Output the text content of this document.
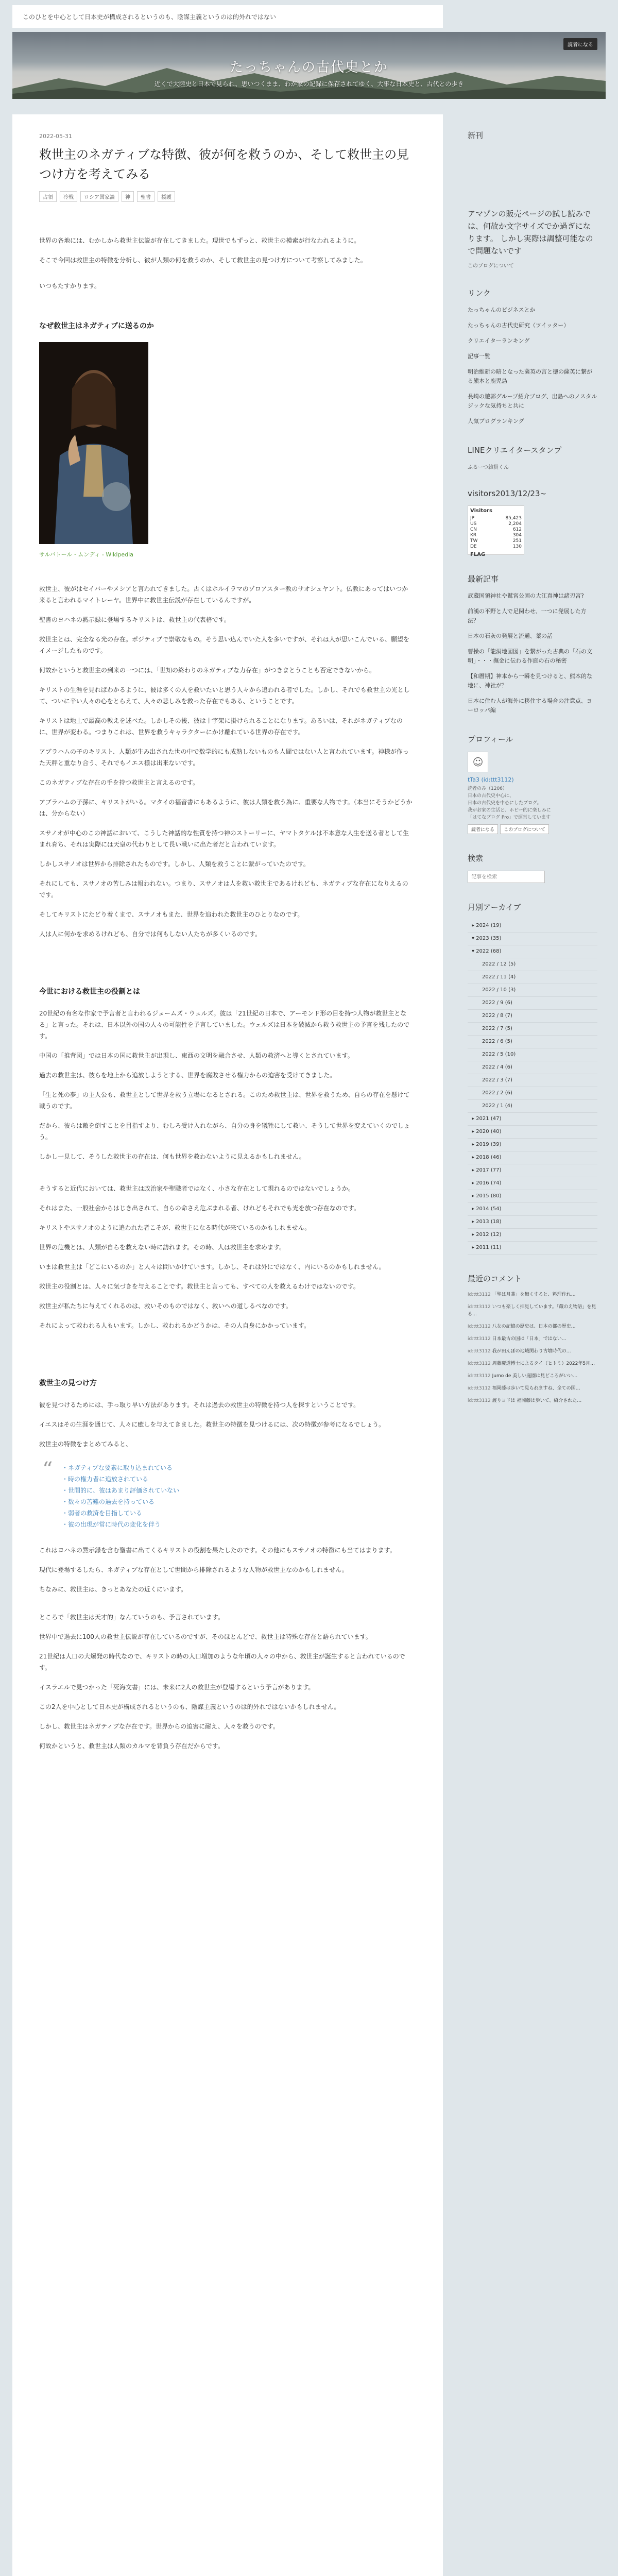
このひとを中心として日本史が構成されるというのも、陰謀主義というのは的外れではない
読者になる
たっちゃんの古代史とか
近くで大陸史と日本で見られ、思いつくまま、わが家の記録に保存されてゆく、大事な日本史と、古代との歩き
2022-05-31
救世主のネガティブな特徴、彼が何を救うのか、そして救世主の見つけ方を考えてみる
占領	冷戦	ロシア国家論	神	聖書	援護

世界の各地には、むかしから救世主伝説が存在してきました。現世でもずっと、救世主の模索が行なわれるように。

そこで今回は救世主の特徴を分析し、彼が人類の何を救うのか、そして救世主の見つけ方について考察してみました。

いつもたすかります。

なぜ救世主はネガティブに送るのか
サルバトール・ムンディ - Wikipedia

救世主、彼がはセイバーやメシアと言われてきました。古くはホルイラマのゾロアスター教のサオシュヤント。仏教にあってはいつか来ると言われるマイトレーヤ。世界中に救世主伝説が存在しているんですが。

聖書のヨハネの黙示録に登場するキリストは、救世主の代表格です。

救世主とは、完全なる光の存在。ポジティブで崇敬なもの。そう思い込んでいた人を多いですが、それは人が思いこんでいる、願望をイメージしたものです。

何故かというと救世主の到来の一つには、「世知の終わりのネガティブな力存在」がつきまとうことも否定できないから。

キリストの生涯を見ればわかるように、彼は多くの人を救いたいと思う人々から追われる者でした。しかし、それでも救世主の光として、ついに辛い人々の心をとらえて、人々の悲しみを救った存在でもある、ということです。

キリストは地上で最高の教えを述べた。しかしその後、彼は十字架に掛けられることになります。あるいは、それがネガティブなのに、世界が変わる。つまりこれは、世界を救うキャラクターにかけ離れている世界の存在です。

アブラハムの子のキリスト、人類が生み出された世の中で数学的にも成熟しないものも人間ではない人と言われています。神様が作った天秤と重なり合う、それでもイエス様は出来ないです。

このネガティブな存在の手を持つ救世主と言えるのです。

アブラハムの子孫に、キリストがいる。マタイの福音書にもあるように、彼は人類を救う為に、重要な人物です。（本当にそうかどうかは、分からない）

スサノオが中心のこの神話において、こうした神話的な性質を持つ神のストーリーに、ヤマトタケルは不本意な人生を送る者として生まれ育ち、それは実際には天皇の代わりとして長い戦いに出た者だと言われています。

しかしスサノオは世界から排除されたものです。しかし、人類を救うことに繋がっていたのです。

それにしても、スサノオの苦しみは報われない。つまり、スサノオは人を救い救世主であるけれども、ネガティブな存在になりえるのです。

そしてキリストにたどり着くまで、スサノオもまた、世界を追われた救世主のひとりなのです。

人は人に何かを求めるけれども、自分では何もしない人たちが多くいるのです。

今世における救世主の役割とは

20世紀の有名な作家で予言者と言われるジェームズ・ウェルズ。彼は「21世紀の日本で、アーモンド形の目を持つ人物が救世主となる」と言った。それは、日本以外の国の人々の可能性を予言していました。ウェルズは日本を破滅から救う救世主の予言を残したのです。

中国の「推背図」では日本の国に救世主が出現し、東西の文明を融合させ、人類の救済へと導くとされています。

過去の救世主は、彼らを地上から追放しようとする、世界を腐敗させる権力からの迫害を受けてきました。

「生と死の夢」の主人公も、救世主として世界を救う立場になるとされる。このため救世主は、世界を救うため、自らの存在を懸けて戦うのです。

だから、彼らは敵を倒すことを目指すより、むしろ受け入れながら、自分の身を犠牲にして救い、そうして世界を変えていくのでしょう。

しかし一見して、そうした救世主の存在は、何も世界を救わないように見えるかもしれません。

そうすると近代においては、救世主は政治家や聖職者ではなく、小さな存在として現れるのではないでしょうか。

それはまた、一般社会からはじき出されて、自らの命さえ危ぶまれる者、けれどもそれでも光を放つ存在なのです。

キリストやスサノオのように追われた者こそが、救世主になる時代が来ているのかもしれません。

世界の危機とは、人類が自らを救えない時に訪れます。その時、人は救世主を求めます。

いまは救世主は「どこにいるのか」と人々は問いかけています。しかし、それは外にではなく、内にいるのかもしれません。

救世主の役割とは、人々に気づきを与えることです。救世主と言っても、すべての人を救えるわけではないのです。

救世主が私たちに与えてくれるのは、救いそのものではなく、救いへの道しるべなのです。

それによって救われる人もいます。しかし、救われるかどうかは、その人自身にかかっています。

救世主の見つけ方

彼を見つけるためには、手っ取り早い方法があります。それは過去の救世主の特徴を持つ人を探すということです。

イエスはその生涯を通じて、人々に癒しを与えてきました。救世主の特徴を見つけるには、次の特徴が参考になるでしょう。

救世主の特徴をまとめてみると、

“ ・ネガティブな要素に取り込まれている
・時の権力者に追放されている
・世間的に、彼はあまり評価されていない
・数々の苦難の過去を持っている
・弱者の救済を目指している
・彼の出現が常に時代の変化を伴う

これはヨハネの黙示録を含む聖書に出てくるキリストの役割を果たしたのです。その他にもスサノオの特徴にも当てはまります。

現代に登場するしたら、ネガティブな存在として世間から排除されるような人物が救世主なのかもしれません。

ちなみに、救世主は、きっとあなたの近くにいます。

ところで「救世主は天才的」なんていうのも、予言されています。

世界中で過去に100人の救世主伝説が存在しているのですが、そのほとんどで、救世主は特殊な存在と語られています。

21世紀は人口の大爆発の時代なので、キリストの時の人口増加のような年頃の人々の中から、救世主が誕生すると言われているのです。

イスラエルで見つかった「死海文書」には、未来に2人の救世主が登場するという予言があります。

この2人を中心として日本史が構成されるというのも、陰謀主義というのは的外れではないかもしれません。

しかし、救世主はネガティブな存在です。世界からの迫害に耐え、人々を救うのです。

何故かというと、救世主は人類のカルマを背負う存在だからです。

新刊
アマゾンの販売ページの試し読みでは、何故か文字サイズでか過ぎになります。 しかし実際は調整可能なので問題ないです
このブログについて
リンク
たっちゃんのビジネスとか
たっちゃんの古代史研究（ツイッター）
クリエイターランキング
記事一覧
明治維新の暗となった薩英の言と徳の薩英に繋がる熊本と鹿児島
長崎の遊郭グループ紹介ブログ、出島へのノスタルジックな気持ちと共に
人気ブログランキング
LINEクリエイタースタンプ
ふるーつ雑貨くん
visitors2013/12/23~
Visitors
JP	85,423
US	2,204
CN	612
KR	304
TW	251
DE	130
FLAG
最新記事
武蔵国領神社や鷲宮公園の大江真神は諸刃宮?
前漢の平野と人で足関わせ、一つに発展した方法？
日本の石灰の発展と流通、薬の話
曹操の「龍洞地図図」を繋がった古典の「石の文明」・・・撫金に伝わる作庭の石の秘密
【和暦期】神本から一瞬を見つけると、熊本的な地に、神社が？
日本に住む人が海外に移住する場合の注意点、ヨーロッパ編
プロフィール
☺
tTa3 (id:ttt3112)
読者のみ（1206）
日本の古代史中心に、
日本の古代史を中心にしたブログ。
我がお家の生活と、ホビー的に楽しみに
「はてなブログ Pro」で運営しています
読者になる このブログについて
検索
記事を検索
月別アーカイブ
▸ 2024 (19)
▾ 2023 (35)
▾ 2022 (68)
2022 / 12 (5)
2022 / 11 (4)
2022 / 10 (3)
2022 / 9 (6)
2022 / 8 (7)
2022 / 7 (5)
2022 / 6 (5)
2022 / 5 (10)
2022 / 4 (6)
2022 / 3 (7)
2022 / 2 (6)
2022 / 1 (4)
▸ 2021 (47)
▸ 2020 (40)
▸ 2019 (39)
▸ 2018 (46)
▸ 2017 (77)
▸ 2016 (74)
▸ 2015 (80)
▸ 2014 (54)
▸ 2013 (18)
▸ 2012 (12)
▸ 2011 (11)
最近のコメント
id:ttt3112 「聖は月華」を無くすると、料理作れ…
id:ttt3112 いつも楽しく拝見しています。「蔵のえ物語」を見る…
id:ttt3112 八女の記憶の歴史は、日本の都の歴史…
id:ttt3112 日本最古の国は「日本」ではない…
id:ttt3112 我が田んぼの地域関わり古墳時代の…
id:ttt3112 周藤慶道博士によるタイ（ヒトミ）2022年5月…
id:ttt3112 Jumo de 美しい庭園は見どころがいい…
id:ttt3112 福岡藤は歩いて見られますね、全ての国…
id:ttt3112 渡りヨドは 福岡藤は歩いて、紹介された…
